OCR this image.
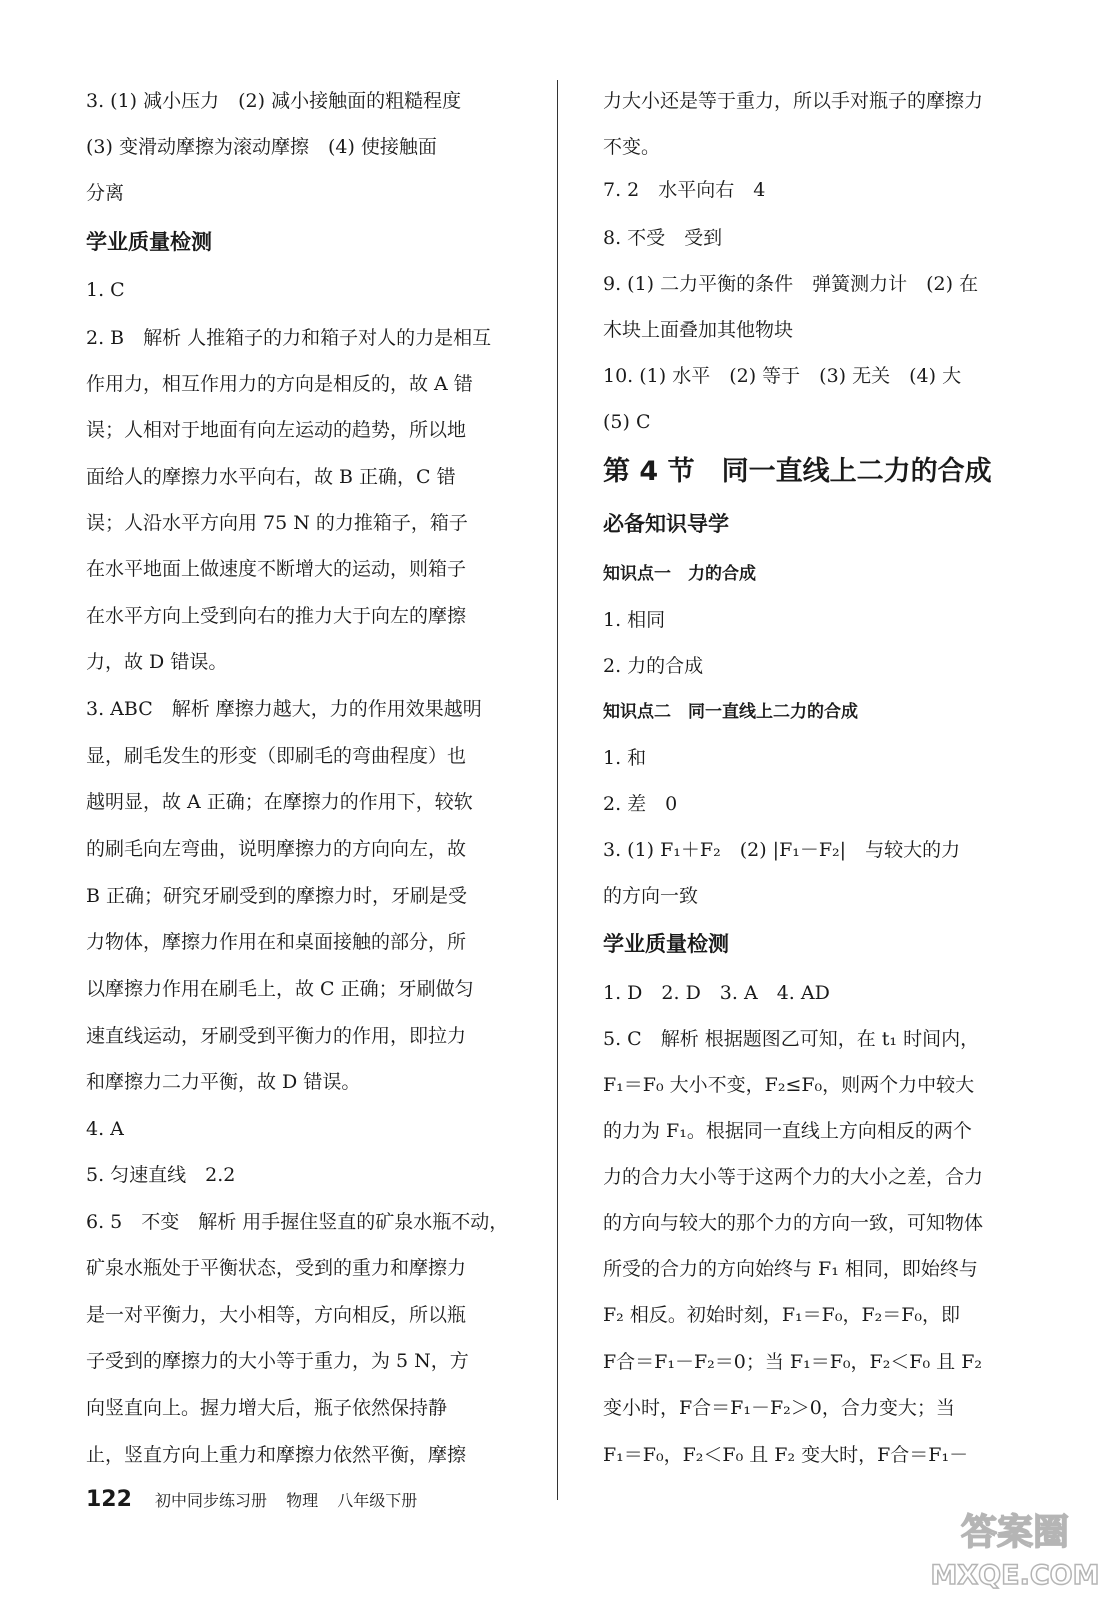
3. (1) 减小压力　(2) 减小接触面的粗糙程度
(3) 变滑动摩擦为滚动摩擦　(4) 使接触面
分离
学业质量检测
1. C
2. B　解析 人推箱子的力和箱子对人的力是相互
作用力，相互作用力的方向是相反的，故 A 错
误；人相对于地面有向左运动的趋势，所以地
面给人的摩擦力水平向右，故 B 正确，C 错
误；人沿水平方向用 75 N 的力推箱子，箱子
在水平地面上做速度不断增大的运动，则箱子
在水平方向上受到向右的推力大于向左的摩擦
力，故 D 错误。
3. ABC　解析 摩擦力越大，力的作用效果越明
显，刷毛发生的形变（即刷毛的弯曲程度）也
越明显，故 A 正确；在摩擦力的作用下，较软
的刷毛向左弯曲，说明摩擦力的方向向左，故
B 正确；研究牙刷受到的摩擦力时，牙刷是受
力物体，摩擦力作用在和桌面接触的部分，所
以摩擦力作用在刷毛上，故 C 正确；牙刷做匀
速直线运动，牙刷受到平衡力的作用，即拉力
和摩擦力二力平衡，故 D 错误。
4. A
5. 匀速直线　2.2
6. 5　不变　解析 用手握住竖直的矿泉水瓶不动，
矿泉水瓶处于平衡状态，受到的重力和摩擦力
是一对平衡力，大小相等，方向相反，所以瓶
子受到的摩擦力的大小等于重力，为 5 N，方
向竖直向上。握力增大后，瓶子依然保持静
止，竖直方向上重力和摩擦力依然平衡，摩擦
力大小还是等于重力，所以手对瓶子的摩擦力
不变。
7. 2　水平向右　4
8. 不受　受到
9. (1) 二力平衡的条件　弹簧测力计　(2) 在
木块上面叠加其他物块
10. (1) 水平　(2) 等于　(3) 无关　(4) 大
(5) C
第 4 节　同一直线上二力的合成
必备知识导学
知识点一　力的合成
1. 相同
2. 力的合成
知识点二　同一直线上二力的合成
1. 和
2. 差　0
3. (1) F₁＋F₂　(2) |F₁－F₂|　与较大的力
的方向一致
学业质量检测
1. D　2. D　3. A　4. AD
5. C　解析 根据题图乙可知，在 t₁ 时间内，
F₁＝F₀ 大小不变，F₂≤F₀，则两个力中较大
的力为 F₁。根据同一直线上方向相反的两个
力的合力大小等于这两个力的大小之差，合力
的方向与较大的那个力的方向一致，可知物体
所受的合力的方向始终与 F₁ 相同，即始终与
F₂ 相反。初始时刻，F₁＝F₀，F₂＝F₀，即
F合＝F₁－F₂＝0；当 F₁＝F₀，F₂＜F₀ 且 F₂
变小时，F合＝F₁－F₂＞0，合力变大；当
F₁＝F₀，F₂＜F₀ 且 F₂ 变大时，F合＝F₁－
122 初中同步练习册 物理 八年级下册
答案圈
MXQE.COM
